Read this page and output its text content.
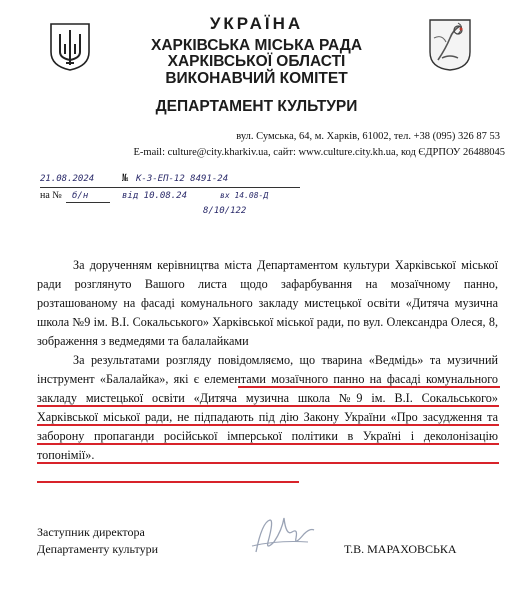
УКРАЇНА
ХАРКІВСЬКА МІСЬКА РАДА
ХАРКІВСЬКОЇ ОБЛАСТІ
ВИКОНАВЧИЙ КОМІТЕТ
ДЕПАРТАМЕНТ КУЛЬТУРИ
вул. Сумська, 64, м. Харків, 61002, тел. +38 (095) 326 87 53
E-mail: culture@city.kharkiv.ua, сайт: www.culture.city.kh.ua, код ЄДРПОУ 26488045
21.08.2024	№ К-З-ЕП-12 8491-24
на № б/н	від 10.08.24	вх 14.08-Д
8/10/122

За дорученням керівництва міста Департаментом культури Харківської міської ради розглянуто Вашого листа щодо зафарбування на мозаїчному панно, розташованому на фасаді комунального закладу мистецької освіти «Дитяча музична школа №9 ім. В.І. Сокальського» Харківської міської ради, по вул. Олександра Олеся, 8, зображення з ведмедями та балалайками

За результатами розгляду повідомляємо, що тварина «Ведмідь» та музичний інструмент «Балалайка», які є елементами мозаїчного панно на фасаді комунального закладу мистецької освіти «Дитяча музична школа №9 ім. В.І. Сокальського» Харківської міської ради, не підпадають під дію Закону України «Про засудження та заборону пропаганди російської імперської політики в Україні і деколонізацію топонімії».

Заступник директора
Департаменту культури	Т.В. МАРАХОВСЬКА
